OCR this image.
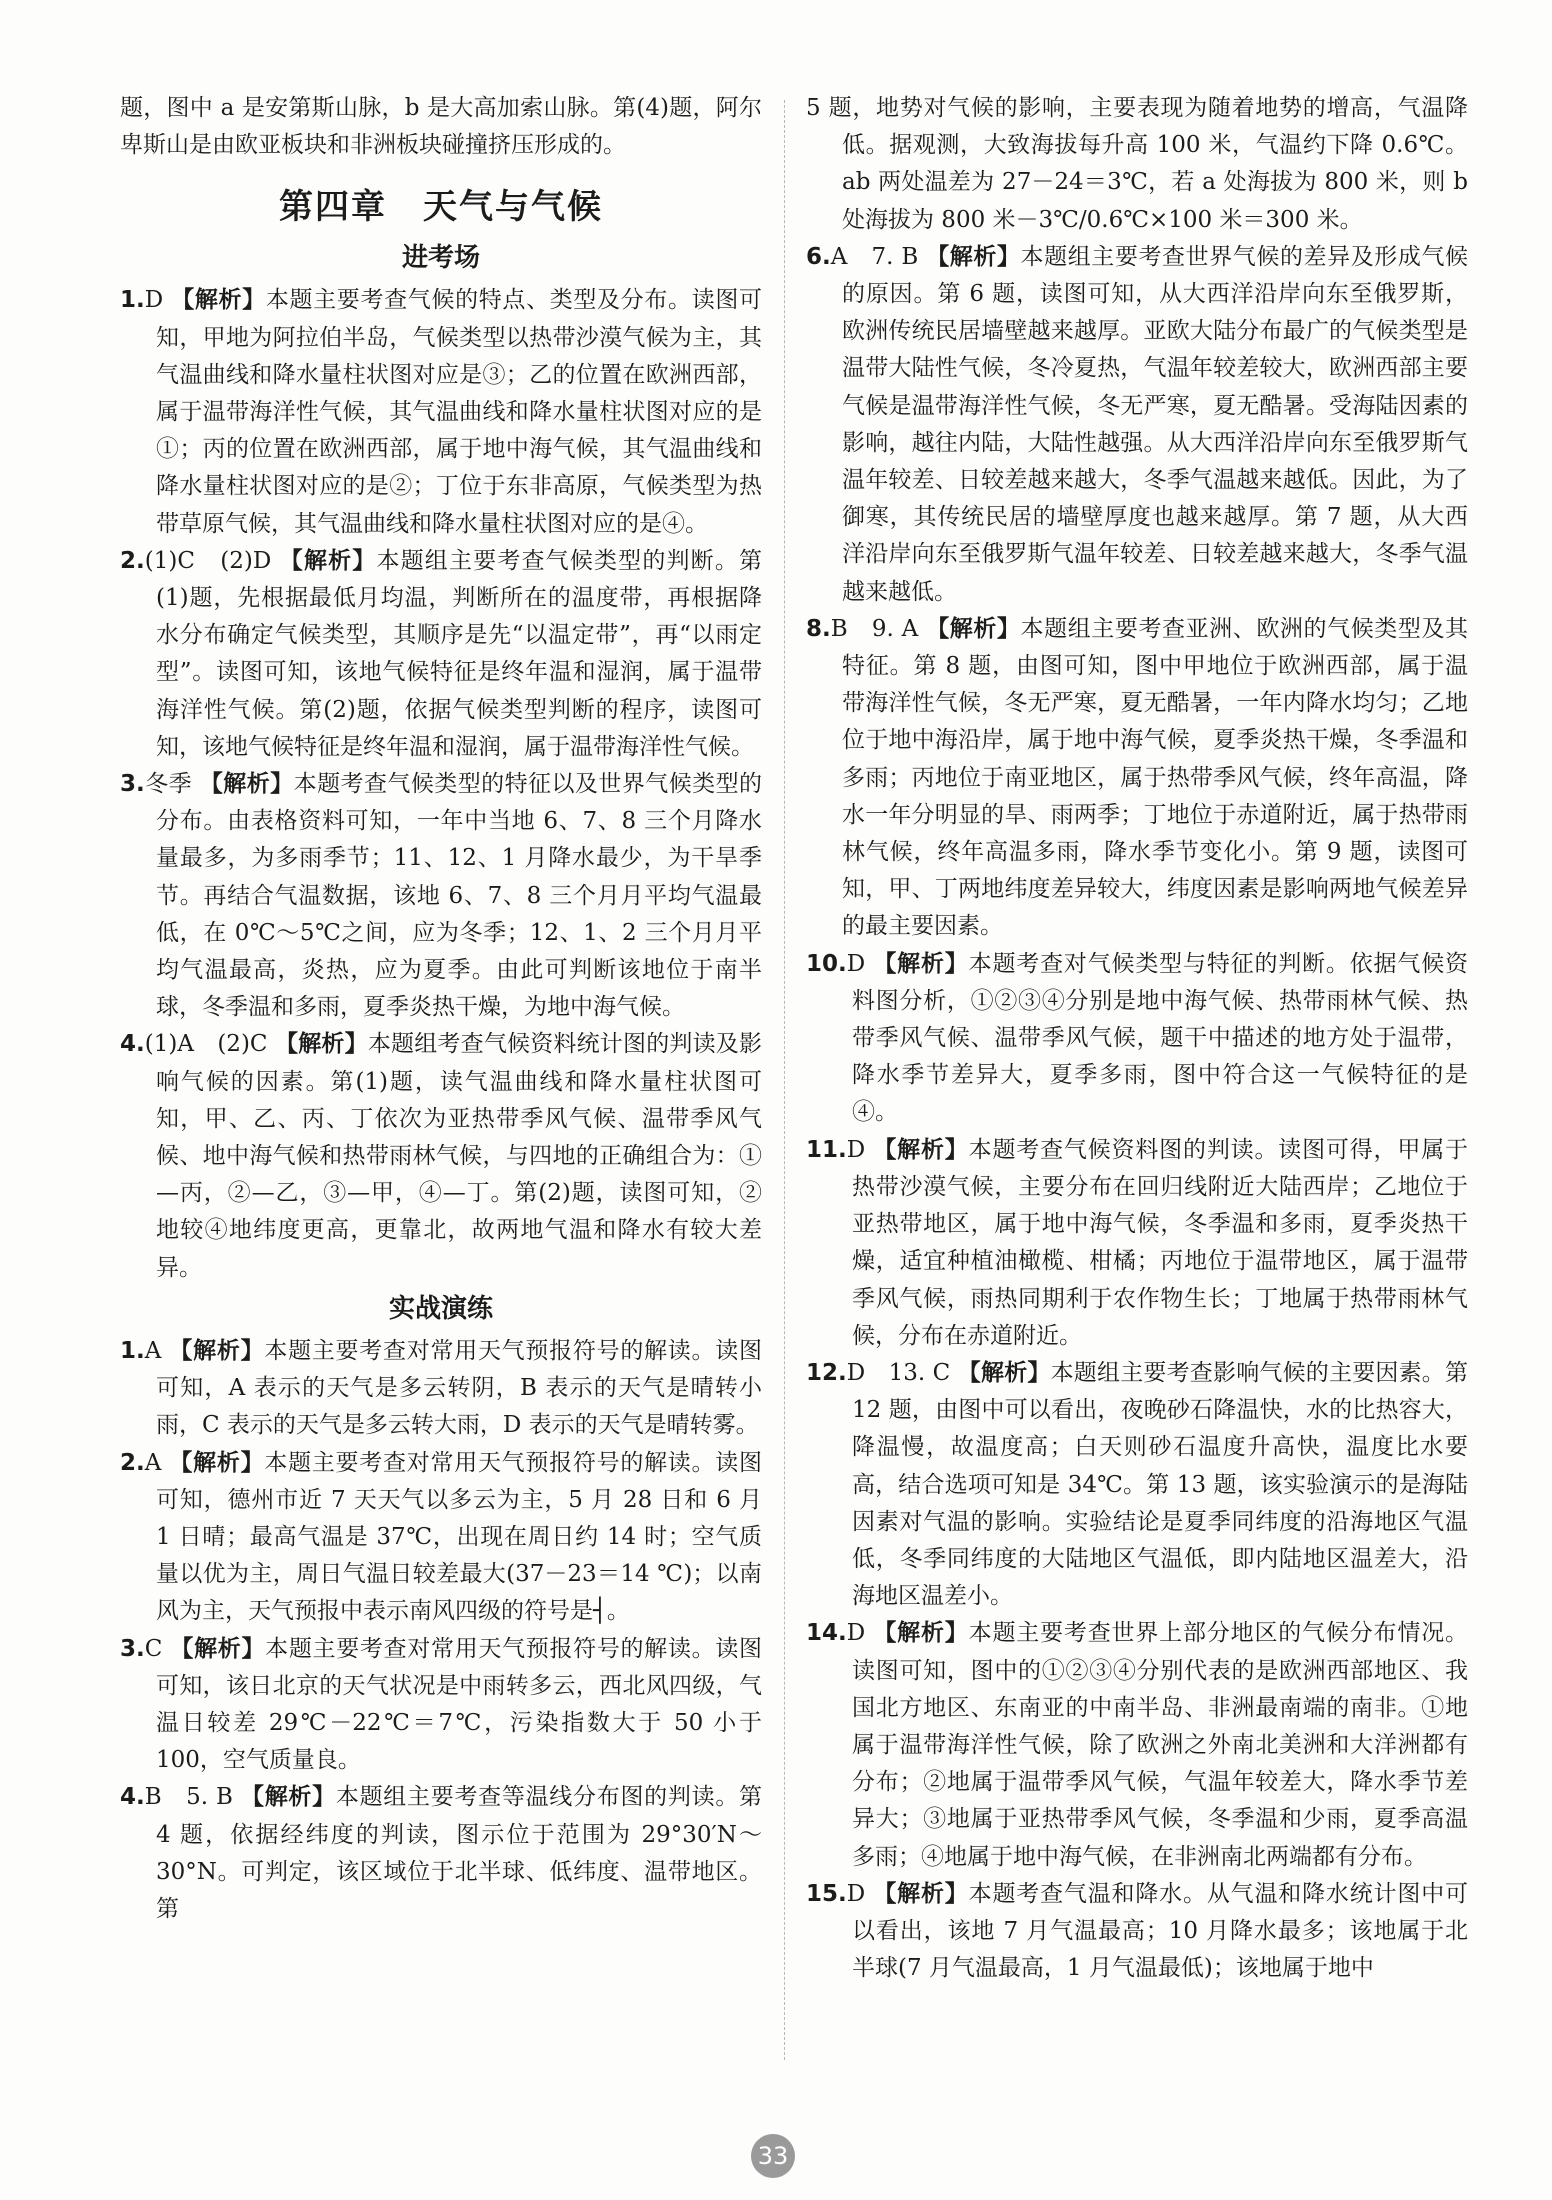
题，图中 a 是安第斯山脉，b 是大高加索山脉。第(4)题，阿尔卑斯山是由欧亚板块和非洲板块碰撞挤压形成的。

第四章　天气与气候
进考场

1.D 【解析】本题主要考查气候的特点、类型及分布。读图可知，甲地为阿拉伯半岛，气候类型以热带沙漠气候为主，其气温曲线和降水量柱状图对应是③；乙的位置在欧洲西部，属于温带海洋性气候，其气温曲线和降水量柱状图对应的是①；丙的位置在欧洲西部，属于地中海气候，其气温曲线和降水量柱状图对应的是②；丁位于东非高原，气候类型为热带草原气候，其气温曲线和降水量柱状图对应的是④。

2.(1)C　(2)D 【解析】本题组主要考查气候类型的判断。第(1)题，先根据最低月均温，判断所在的温度带，再根据降水分布确定气候类型，其顺序是先“以温定带”，再“以雨定型”。读图可知，该地气候特征是终年温和湿润，属于温带海洋性气候。第(2)题，依据气候类型判断的程序，读图可知，该地气候特征是终年温和湿润，属于温带海洋性气候。

3.冬季 【解析】本题考查气候类型的特征以及世界气候类型的分布。由表格资料可知，一年中当地 6、7、8 三个月降水量最多，为多雨季节；11、12、1 月降水最少，为干旱季节。再结合气温数据，该地 6、7、8 三个月月平均气温最低，在 0℃～5℃之间，应为冬季；12、1、2 三个月月平均气温最高，炎热，应为夏季。由此可判断该地位于南半球，冬季温和多雨，夏季炎热干燥，为地中海气候。

4.(1)A　(2)C 【解析】本题组考查气候资料统计图的判读及影响气候的因素。第(1)题，读气温曲线和降水量柱状图可知，甲、乙、丙、丁依次为亚热带季风气候、温带季风气候、地中海气候和热带雨林气候，与四地的正确组合为：①—丙，②—乙，③—甲，④—丁。第(2)题，读图可知，②地较④地纬度更高，更靠北，故两地气温和降水有较大差异。

实战演练

1.A 【解析】本题主要考查对常用天气预报符号的解读。读图可知，A 表示的天气是多云转阴，B 表示的天气是晴转小雨，C 表示的天气是多云转大雨，D 表示的天气是晴转雾。

2.A 【解析】本题主要考查对常用天气预报符号的解读。读图可知，德州市近 7 天天气以多云为主，5 月 28 日和 6 月 1 日晴；最高气温是 37℃，出现在周日约 14 时；空气质量以优为主，周日气温日较差最大(37－23＝14 ℃)；以南风为主，天气预报中表示南风四级的符号是┤。

3.C 【解析】本题主要考查对常用天气预报符号的解读。读图可知，该日北京的天气状况是中雨转多云，西北风四级，气温日较差 29℃－22℃＝7℃，污染指数大于 50 小于 100，空气质量良。

4.B　5. B 【解析】本题组主要考查等温线分布图的判读。第 4 题，依据经纬度的判读，图示位于范围为 29°30′N～30°N。可判定，该区域位于北半球、低纬度、温带地区。第

5 题，地势对气候的影响，主要表现为随着地势的增高，气温降低。据观测，大致海拔每升高 100 米，气温约下降 0.6℃。ab 两处温差为 27－24＝3℃，若 a 处海拔为 800 米，则 b 处海拔为 800 米－3℃/0.6℃×100 米＝300 米。

6.A　7. B 【解析】本题组主要考查世界气候的差异及形成气候的原因。第 6 题，读图可知，从大西洋沿岸向东至俄罗斯，欧洲传统民居墙壁越来越厚。亚欧大陆分布最广的气候类型是温带大陆性气候，冬冷夏热，气温年较差较大，欧洲西部主要气候是温带海洋性气候，冬无严寒，夏无酷暑。受海陆因素的影响，越往内陆，大陆性越强。从大西洋沿岸向东至俄罗斯气温年较差、日较差越来越大，冬季气温越来越低。因此，为了御寒，其传统民居的墙壁厚度也越来越厚。第 7 题，从大西洋沿岸向东至俄罗斯气温年较差、日较差越来越大，冬季气温越来越低。

8.B　9. A 【解析】本题组主要考查亚洲、欧洲的气候类型及其特征。第 8 题，由图可知，图中甲地位于欧洲西部，属于温带海洋性气候，冬无严寒，夏无酷暑，一年内降水均匀；乙地位于地中海沿岸，属于地中海气候，夏季炎热干燥，冬季温和多雨；丙地位于南亚地区，属于热带季风气候，终年高温，降水一年分明显的旱、雨两季；丁地位于赤道附近，属于热带雨林气候，终年高温多雨，降水季节变化小。第 9 题，读图可知，甲、丁两地纬度差异较大，纬度因素是影响两地气候差异的最主要因素。

10.D 【解析】本题考查对气候类型与特征的判断。依据气候资料图分析，①②③④分别是地中海气候、热带雨林气候、热带季风气候、温带季风气候，题干中描述的地方处于温带，降水季节差异大，夏季多雨，图中符合这一气候特征的是④。

11.D 【解析】本题考查气候资料图的判读。读图可得，甲属于热带沙漠气候，主要分布在回归线附近大陆西岸；乙地位于亚热带地区，属于地中海气候，冬季温和多雨，夏季炎热干燥，适宜种植油橄榄、柑橘；丙地位于温带地区，属于温带季风气候，雨热同期利于农作物生长；丁地属于热带雨林气候，分布在赤道附近。

12.D　13. C 【解析】本题组主要考查影响气候的主要因素。第 12 题，由图中可以看出，夜晚砂石降温快，水的比热容大，降温慢，故温度高；白天则砂石温度升高快，温度比水要高，结合选项可知是 34℃。第 13 题，该实验演示的是海陆因素对气温的影响。实验结论是夏季同纬度的沿海地区气温低，冬季同纬度的大陆地区气温低，即内陆地区温差大，沿海地区温差小。

14.D 【解析】本题主要考查世界上部分地区的气候分布情况。读图可知，图中的①②③④分别代表的是欧洲西部地区、我国北方地区、东南亚的中南半岛、非洲最南端的南非。①地属于温带海洋性气候，除了欧洲之外南北美洲和大洋洲都有分布；②地属于温带季风气候，气温年较差大，降水季节差异大；③地属于亚热带季风气候，冬季温和少雨，夏季高温多雨；④地属于地中海气候，在非洲南北两端都有分布。

15.D 【解析】本题考查气温和降水。从气温和降水统计图中可以看出，该地 7 月气温最高；10 月降水最多；该地属于北半球(7 月气温最高，1 月气温最低)；该地属于地中

33
